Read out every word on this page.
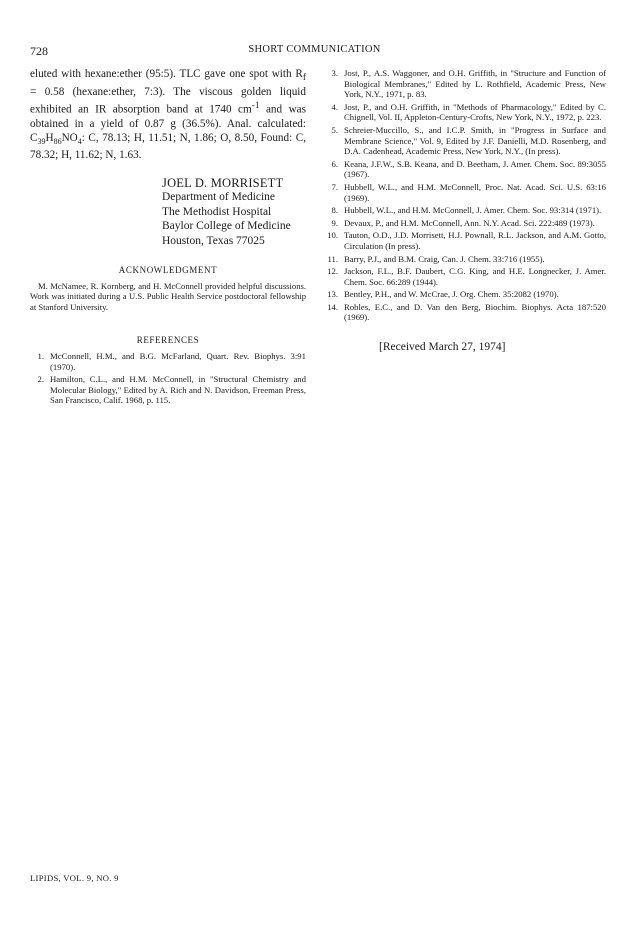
728	SHORT COMMUNICATION

eluted with hexane:ether (95:5). TLC gave one spot with $R_f = 0.58$ (hexane:ether, 7:3). The viscous golden liquid exhibited an IR absorption band at 1740 $cm^{-1}$ and was obtained in a yield of 0.87 g (36.5%). Anal. calculated: $C_{39}H_{86}NO_4$: C, 78.13; H, 11.51; N, 1.86; O, 8.50, Found: C, 78.32; H, 11.62; N, 1.63.

JOEL D. MORRISETT
Department of Medicine
The Methodist Hospital
Baylor College of Medicine
Houston, Texas 77025
ACKNOWLEDGMENT

M. McNamee, R. Kornberg, and H. McConnell provided helpful discussions. Work was initiated during a U.S. Public Health Service postdoctoral fellowship at Stanford University.

REFERENCES
1. McConnell, H.M., and B.G. McFarland, Quart. Rev. Biophys. 3:91 (1970).
2. Hamilton, C.L., and H.M. McConnell, in "Structural Chemistry and Molecular Biology," Edited by A. Rich and N. Davidson, Freeman Press, San Francisco, Calif. 1968, p. 115.
3. Jost, P., A.S. Waggoner, and O.H. Griffith, in "Structure and Function of Biological Membranes," Edited by L. Rothfield, Academic Press, New York, N.Y., 1971, p. 83.
4. Jost, P., and O.H. Griffith, in "Methods of Pharmacology," Edited by C. Chignell, Vol. II, Appleton-Century-Crofts, New York, N.Y., 1972, p. 223.
5. Schreier-Muccillo, S., and I.C.P. Smith, in "Progress in Surface and Membrane Science," Vol. 9, Edited by J.F. Danielli, M.D. Rosenberg, and D.A. Cadenhead, Academic Press, New York, N.Y., (In press).
6. Keana, J.F.W., S.B. Keana, and D. Beetham, J. Amer. Chem. Soc. 89:3055 (1967).
7. Hubbell, W.L., and H.M. McConnell, Proc. Nat. Acad. Sci. U.S. 63:16 (1969).
8. Hubbell, W.L., and H.M. McConnell, J. Amer. Chem. Soc. 93:314 (1971).
9. Devaux, P., and H.M. McConnell, Ann. N.Y. Acad. Sci. 222:489 (1973).
10. Tauton, O.D., J.D. Morrisett, H.J. Pownall, R.L. Jackson, and A.M. Gotto, Circulation (In press).
11. Barry, P.J., and B.M. Craig, Can. J. Chem. 33:716 (1955).
12. Jackson, F.L., B.F. Daubert, C.G. King, and H.E. Longnecker, J. Amer. Chem. Soc. 66:289 (1944).
13. Bentley, P.H., and W. McCrae, J. Org. Chem. 35:2082 (1970).
14. Robles, E.C., and D. Van den Berg, Biochim. Biophys. Acta 187:520 (1969).
[Received March 27, 1974]
LIPIDS, VOL. 9, NO. 9
